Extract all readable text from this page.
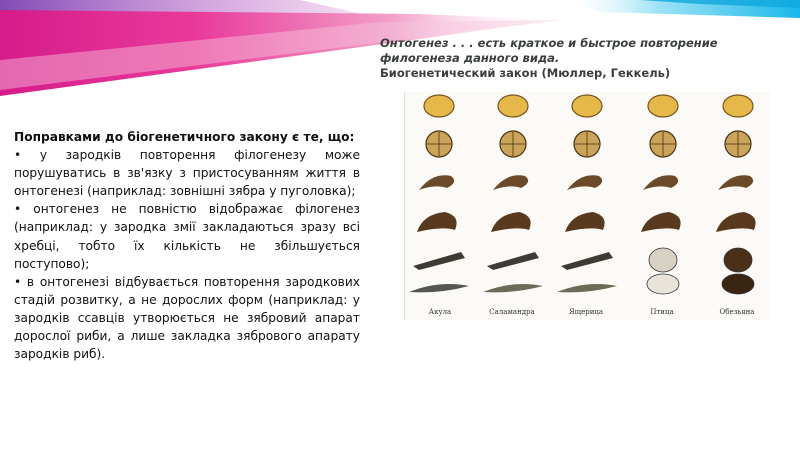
Онтогенез . . . есть краткое и быстрое повторение
филогенеза данного вида.
Биогенетический закон (Мюллер, Геккель)

Поправками до біогенетичного закону є те, що:

• у зародків повторення філогенезу може порушуватись в зв'язку з пристосуванням життя в онтогенезі (наприклад: зовнішні зябра у пуголовка);

• онтогенез не повністю відображає філогенез (наприклад: у зародка змії закладаються зразу всі хребці, тобто їх кількість не збільшується поступово);

• в онтогенезі відбувається повторення зародкових стадій розвитку, а не дорослих форм (наприклад: у зародків ссавців утворюється не зябровий апарат дорослої риби, а лише закладка зябрового апарату зародків риб).

Акула	Саламандра	Ящерица	Птица	Обезьяна
